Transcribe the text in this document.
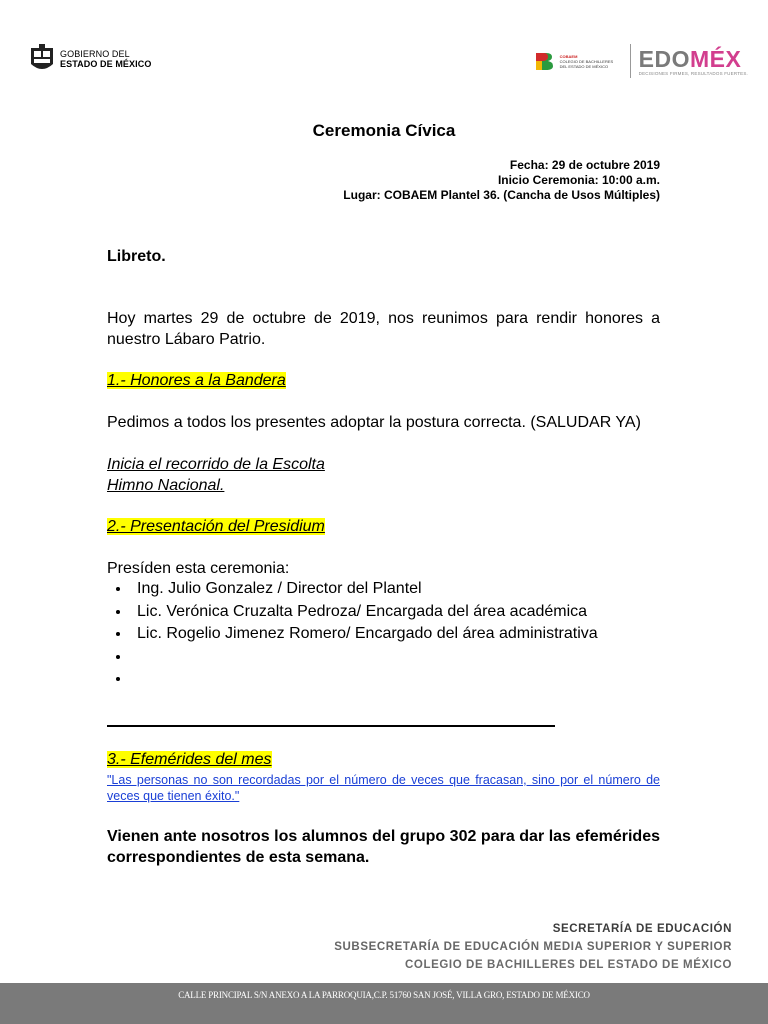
GOBIERNO DEL
ESTADO DE MÉXICO
COBAEM
COLEGIO DE BACHILLERES DEL ESTADO DE MÉXICO	EDOMÉX
DECISIONES FIRMES, RESULTADOS FUERTES.
Ceremonia Cívica
Fecha: 29 de octubre 2019
Inicio Ceremonia: 10:00 a.m.
Lugar: COBAEM Plantel 36. (Cancha de Usos Múltiples)
Libreto.
Hoy martes 29 de octubre de 2019, nos reunimos para rendir honores a nuestro Lábaro Patrio.
1.- Honores a la Bandera
Pedimos a todos los presentes adoptar la postura correcta. (SALUDAR YA)
Inicia el recorrido de la Escolta
Himno Nacional.
2.- Presentación del Presidium
Presíden esta ceremonia:
• Ing. Julio Gonzalez / Director del Plantel
• Lic. Verónica Cruzalta Pedroza/ Encargada del área académica
• Lic. Rogelio Jimenez Romero/ Encargado del área administrativa
•
•
3.- Efemérides del mes
"Las personas no son recordadas por el número de veces que fracasan, sino por el número de veces que tienen éxito."
Vienen ante nosotros los alumnos del grupo 302 para dar las efemérides correspondientes de esta semana.
SECRETARÍA DE EDUCACIÓN
SUBSECRETARÍA DE EDUCACIÓN MEDIA SUPERIOR Y SUPERIOR
COLEGIO DE BACHILLERES DEL ESTADO DE MÉXICO
CALLE PRINCIPAL S/N ANEXO A LA PARROQUIA,C.P. 51760 SAN JOSÉ, VILLA GRO, ESTADO DE MÉXICO
